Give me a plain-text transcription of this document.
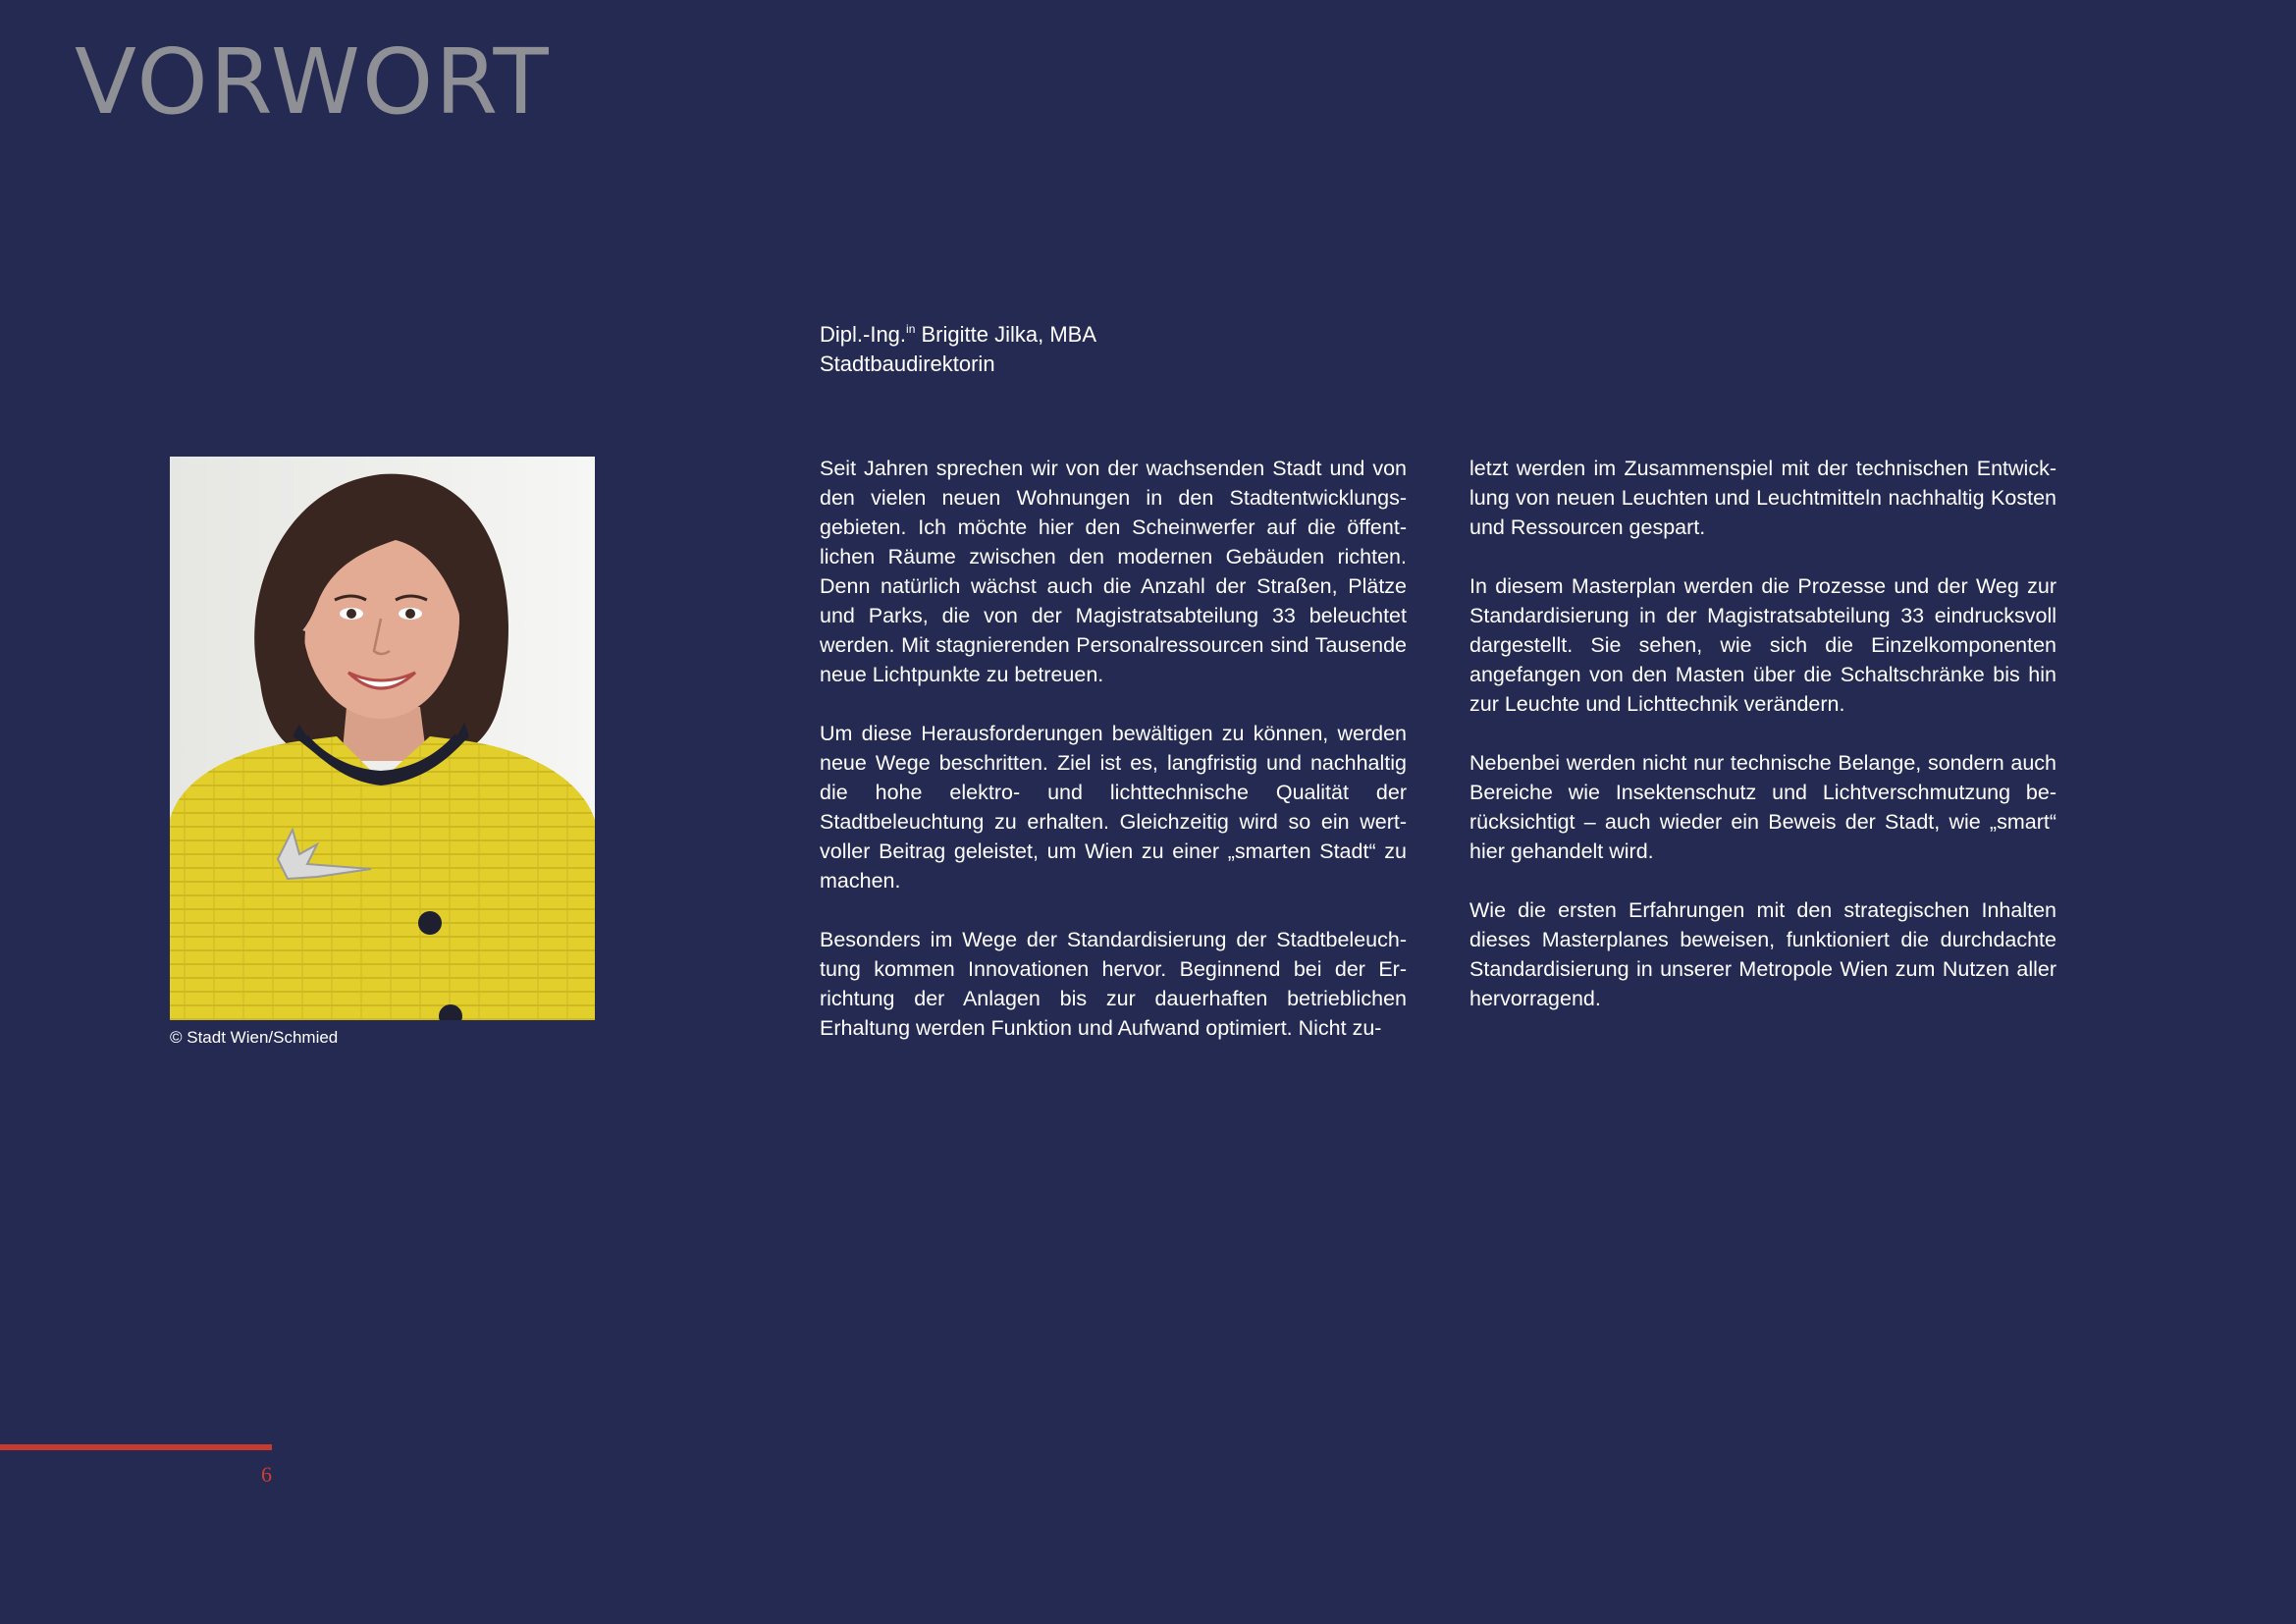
VORWORT
Dipl.-Ing.$^{in}$ Brigitte Jilka, MBA
Stadtbaudirektorin
© Stadt Wien/Schmied

Seit Jahren sprechen wir von der wachsenden Stadt und von den vielen neuen Wohnungen in den Stadtentwicklungsgebieten. Ich möchte hier den Scheinwerfer auf die öffentlichen Räume zwischen den modernen Gebäuden richten. Denn natürlich wächst auch die Anzahl der Straßen, Plätze und Parks, die von der Magistratsabteilung 33 beleuchtet werden. Mit stagnierenden Personalressourcen sind Tausende neue Lichtpunkte zu betreuen.

Um diese Herausforderungen bewältigen zu können, werden neue Wege beschritten. Ziel ist es, langfristig und nachhaltig die hohe elektro- und lichttechnische Qualität der Stadtbeleuchtung zu erhalten. Gleichzeitig wird so ein wertvoller Beitrag geleistet, um Wien zu einer „smarten Stadt“ zu machen.

Besonders im Wege der Standardisierung der Stadtbeleuchtung kommen Innovationen hervor. Beginnend bei der Errichtung der Anlagen bis zur dauerhaften betrieblichen Erhaltung werden Funktion und Aufwand optimiert. Nicht zu-

letzt werden im Zusammenspiel mit der technischen Entwicklung von neuen Leuchten und Leuchtmitteln nachhaltig Kosten und Ressourcen gespart.

In diesem Masterplan werden die Prozesse und der Weg zur Standardisierung in der Magistratsabteilung 33 eindrucksvoll dargestellt. Sie sehen, wie sich die Einzelkomponenten angefangen von den Masten über die Schaltschränke bis hin zur Leuchte und Lichttechnik verändern.

Nebenbei werden nicht nur technische Belange, sondern auch Bereiche wie Insektenschutz und Lichtverschmutzung berücksichtigt – auch wieder ein Beweis der Stadt, wie „smart“ hier gehandelt wird.

Wie die ersten Erfahrungen mit den strategischen Inhalten dieses Masterplanes beweisen, funktioniert die durchdachte Standardisierung in unserer Metropole Wien zum Nutzen aller hervorragend.

6
